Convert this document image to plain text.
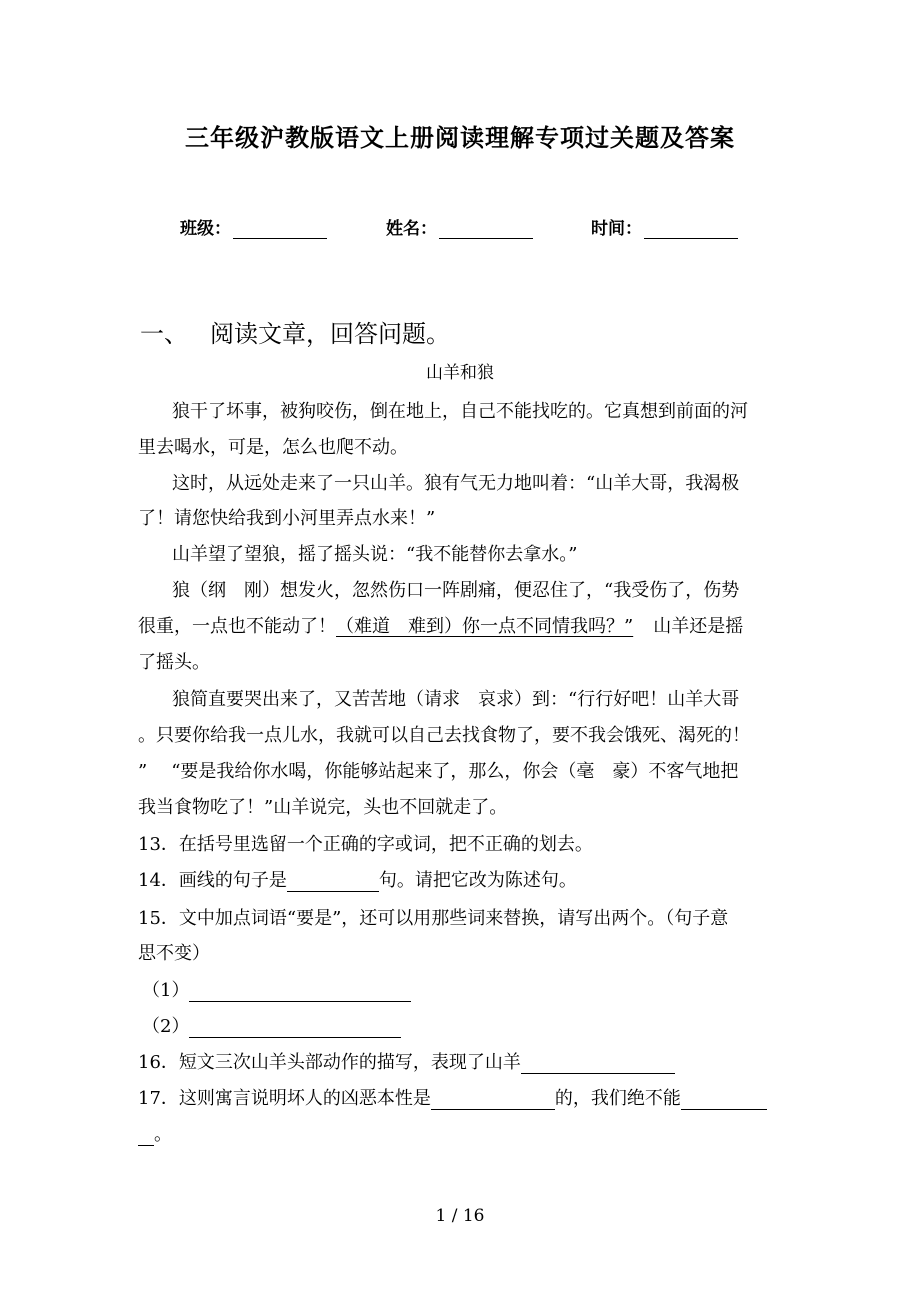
三年级沪教版语文上册阅读理解专项过关题及答案
班级：	姓名：	时间：
一、 阅读文章，回答问题。
山羊和狼
狼干了坏事，被狗咬伤，倒在地上，自己不能找吃的。它真想到前面的河
里去喝水，可是，怎么也爬不动。
这时，从远处走来了一只山羊。狼有气无力地叫着：“山羊大哥，我渴极
了！请您快给我到小河里弄点水来！”
山羊望了望狼，摇了摇头说：“我不能替你去拿水。”
狼（纲　刚）想发火，忽然伤口一阵剧痛，便忍住了，“我受伤了，伤势
很重，一点也不能动了！（难道　难到）你一点不同情我吗？” 山羊还是摇
了摇头。
狼简直要哭出来了，又苦苦地（请求　哀求）到：“行行好吧！山羊大哥
。只要你给我一点儿水，我就可以自己去找食物了，要不我会饿死、渴死的！
” “要是我给你水喝，你能够站起来了，那么，你会（毫　豪）不客气地把
我当食物吃了！”山羊说完，头也不回就走了。
13．在括号里选留一个正确的字或词，把不正确的划去。
14．画线的句子是	句。请把它改为陈述句。
15．文中加点词语“要是”，还可以用那些词来替换，请写出两个。（句子意
思不变）
（1）
（2）
16．短文三次山羊头部动作的描写，表现了山羊
17．这则寓言说明坏人的凶恶本性是	的，我们绝不能
。
1 / 16
